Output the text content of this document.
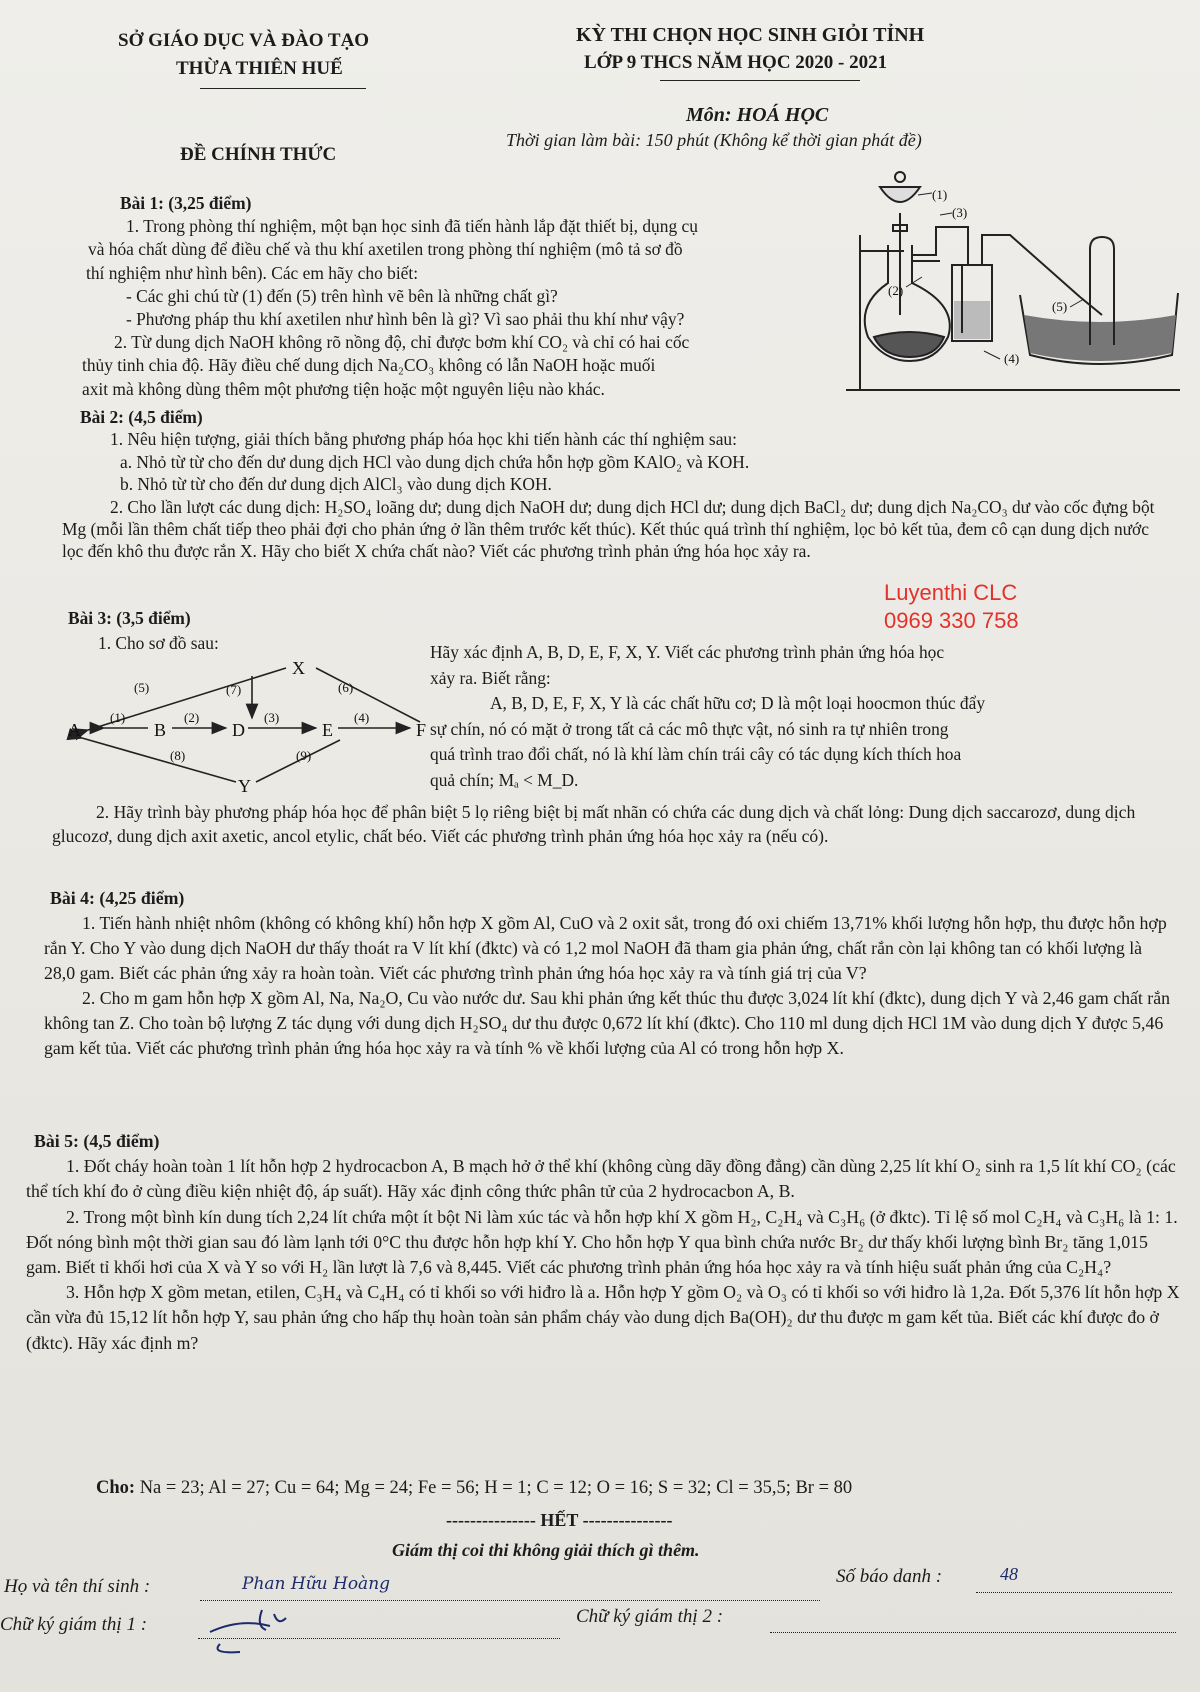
SỞ GIÁO DỤC VÀ ĐÀO TẠO
THỪA THIÊN HUẾ
KỲ THI CHỌN HỌC SINH GIỎI TỈNH
LỚP 9 THCS NĂM HỌC 2020 - 2021
Môn: HOÁ HỌC
ĐỀ CHÍNH THỨC
Thời gian làm bài: 150 phút (Không kể thời gian phát đề)
(1)
(2)
(3)
(4)
(5)

Bài 1: (3,25 điểm)

1. Trong phòng thí nghiệm, một bạn học sinh đã tiến hành lắp đặt thiết bị, dụng cụ

và hóa chất dùng để điều chế và thu khí axetilen trong phòng thí nghiệm (mô tả sơ đồ

thí nghiệm như hình bên). Các em hãy cho biết:

- Các ghi chú từ (1) đến (5) trên hình vẽ bên là những chất gì?

- Phương pháp thu khí axetilen như hình bên là gì? Vì sao phải thu khí như vậy?

2. Từ dung dịch NaOH không rõ nồng độ, chỉ được bơm khí CO₂ và chỉ có hai cốc

thủy tinh chia độ. Hãy điều chế dung dịch Na₂CO₃ không có lẫn NaOH hoặc muối

axit mà không dùng thêm một phương tiện hoặc một nguyên liệu nào khác.

Bài 2: (4,5 điểm)

1. Nêu hiện tượng, giải thích bằng phương pháp hóa học khi tiến hành các thí nghiệm sau:

a. Nhỏ từ từ cho đến dư dung dịch HCl vào dung dịch chứa hỗn hợp gồm KAlO₂ và KOH.

b. Nhỏ từ từ cho đến dư dung dịch AlCl₃ vào dung dịch KOH.

2. Cho lần lượt các dung dịch: H₂SO₄ loãng dư; dung dịch NaOH dư; dung dịch HCl dư; dung dịch BaCl₂ dư; dung dịch Na₂CO₃ dư vào cốc đựng bột Mg (mỗi lần thêm chất tiếp theo phải đợi cho phản ứng ở lần thêm trước kết thúc). Kết thúc quá trình thí nghiệm, lọc bỏ kết tủa, đem cô cạn dung dịch nước lọc đến khô thu được rắn X. Hãy cho biết X chứa chất nào? Viết các phương trình phản ứng hóa học xảy ra.

Luyenthi CLC
0969 330 758
Bài 3: (3,5 điểm)
1. Cho sơ đồ sau:
A	B	D	E	F
X
Y
(1)	(2)	(3)	(4)
(5)	(6)
(7)
(8)	(9)

Hãy xác định A, B, D, E, F, X, Y. Viết các phương trình phản ứng hóa học

xảy ra. Biết rằng:

A, B, D, E, F, X, Y là các chất hữu cơ; D là một loại hoocmon thúc đẩy

sự chín, nó có mặt ở trong tất cả các mô thực vật, nó sinh ra tự nhiên trong

quá trình trao đổi chất, nó là khí làm chín trái cây có tác dụng kích thích hoa

quả chín; Mₐ < M_D.

2. Hãy trình bày phương pháp hóa học để phân biệt 5 lọ riêng biệt bị mất nhãn có chứa các dung dịch và chất lỏng: Dung dịch saccarozơ, dung dịch glucozơ, dung dịch axit axetic, ancol etylic, chất béo. Viết các phương trình phản ứng hóa học xảy ra (nếu có).

Bài 4: (4,25 điểm)

1. Tiến hành nhiệt nhôm (không có không khí) hỗn hợp X gồm Al, CuO và 2 oxit sắt, trong đó oxi chiếm 13,71% khối lượng hỗn hợp, thu được hỗn hợp rắn Y. Cho Y vào dung dịch NaOH dư thấy thoát ra V lít khí (đktc) và có 1,2 mol NaOH đã tham gia phản ứng, chất rắn còn lại không tan có khối lượng là 28,0 gam. Biết các phản ứng xảy ra hoàn toàn. Viết các phương trình phản ứng hóa học xảy ra và tính giá trị của V?

2. Cho m gam hỗn hợp X gồm Al, Na, Na₂O, Cu vào nước dư. Sau khi phản ứng kết thúc thu được 3,024 lít khí (đktc), dung dịch Y và 2,46 gam chất rắn không tan Z. Cho toàn bộ lượng Z tác dụng với dung dịch H₂SO₄ dư thu được 0,672 lít khí (đktc). Cho 110 ml dung dịch HCl 1M vào dung dịch Y được 5,46 gam kết tủa. Viết các phương trình phản ứng hóa học xảy ra và tính % về khối lượng của Al có trong hỗn hợp X.

Bài 5: (4,5 điểm)

1. Đốt cháy hoàn toàn 1 lít hỗn hợp 2 hydrocacbon A, B mạch hở ở thể khí (không cùng dãy đồng đẳng) cần dùng 2,25 lít khí O₂ sinh ra 1,5 lít khí CO₂ (các thể tích khí đo ở cùng điều kiện nhiệt độ, áp suất). Hãy xác định công thức phân tử của 2 hydrocacbon A, B.

2. Trong một bình kín dung tích 2,24 lít chứa một ít bột Ni làm xúc tác và hỗn hợp khí X gồm H₂, C₂H₄ và C₃H₆ (ở đktc). Tỉ lệ số mol C₂H₄ và C₃H₆ là 1: 1. Đốt nóng bình một thời gian sau đó làm lạnh tới 0°C thu được hỗn hợp khí Y. Cho hỗn hợp Y qua bình chứa nước Br₂ dư thấy khối lượng bình Br₂ tăng 1,015 gam. Biết tỉ khối hơi của X và Y so với H₂ lần lượt là 7,6 và 8,445. Viết các phương trình phản ứng hóa học xảy ra và tính hiệu suất phản ứng của C₂H₄?

3. Hỗn hợp X gồm metan, etilen, C₃H₄ và C₄H₄ có tỉ khối so với hiđro là a. Hỗn hợp Y gồm O₂ và O₃ có tỉ khối so với hiđro là 1,2a. Đốt 5,376 lít hỗn hợp X cần vừa đủ 15,12 lít hỗn hợp Y, sau phản ứng cho hấp thụ hoàn toàn sản phẩm cháy vào dung dịch Ba(OH)₂ dư thu được m gam kết tủa. Biết các khí được đo ở (đktc). Hãy xác định m?

Cho: Na = 23; Al = 27; Cu = 64; Mg = 24; Fe = 56; H = 1; C = 12; O = 16; S = 32; Cl = 35,5; Br = 80
--------------- HẾT ---------------
Giám thị coi thi không giải thích gì thêm.
Họ và tên thí sinh :	Phan Hữu Hoàng	Số báo danh :	48
Chữ ký giám thị 1 :	Chữ ký giám thị 2 :
